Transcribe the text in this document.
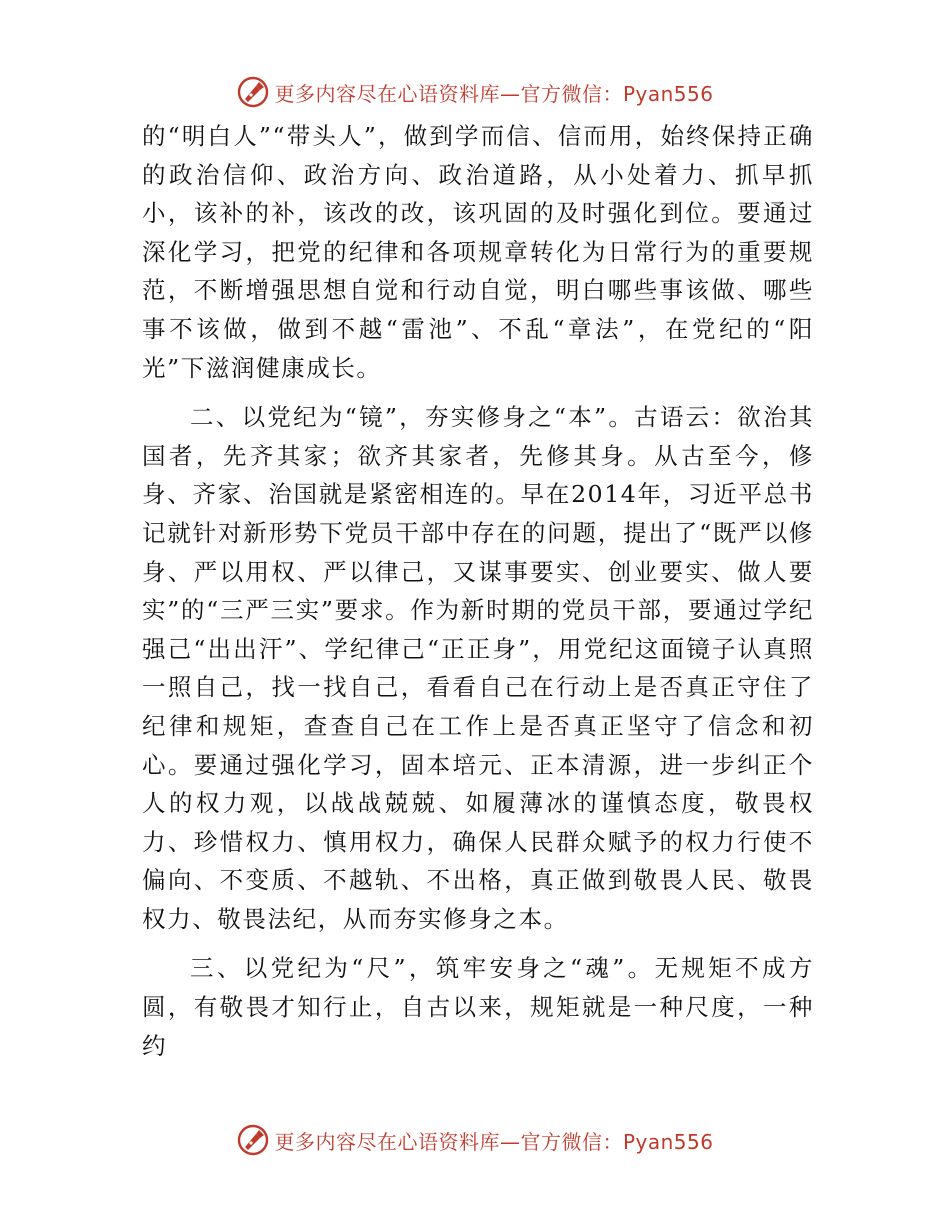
更多内容尽在心语资料库—官方微信：Pyan556

的“明白人”“带头人”，做到学而信、信而用，始终保持正确的政治信仰、政治方向、政治道路，从小处着力、抓早抓小，该补的补，该改的改，该巩固的及时强化到位。要通过深化学习，把党的纪律和各项规章转化为日常行为的重要规范，不断增强思想自觉和行动自觉，明白哪些事该做、哪些事不该做，做到不越“雷池”、不乱“章法”，在党纪的“阳光”下滋润健康成长。

二、以党纪为“镜”，夯实修身之“本”。古语云：欲治其国者，先齐其家；欲齐其家者，先修其身。从古至今，修身、齐家、治国就是紧密相连的。早在2014年，习近平总书记就针对新形势下党员干部中存在的问题，提出了“既严以修身、严以用权、严以律己，又谋事要实、创业要实、做人要实”的“三严三实”要求。作为新时期的党员干部，要通过学纪强己“出出汗”、学纪律己“正正身”，用党纪这面镜子认真照一照自己，找一找自己，看看自己在行动上是否真正守住了纪律和规矩，查查自己在工作上是否真正坚守了信念和初心。要通过强化学习，固本培元、正本清源，进一步纠正个人的权力观，以战战兢兢、如履薄冰的谨慎态度，敬畏权力、珍惜权力、慎用权力，确保人民群众赋予的权力行使不偏向、不变质、不越轨、不出格，真正做到敬畏人民、敬畏权力、敬畏法纪，从而夯实修身之本。

三、以党纪为“尺”，筑牢安身之“魂”。无规矩不成方圆，有敬畏才知行止，自古以来，规矩就是一种尺度，一种约

更多内容尽在心语资料库—官方微信：Pyan556
